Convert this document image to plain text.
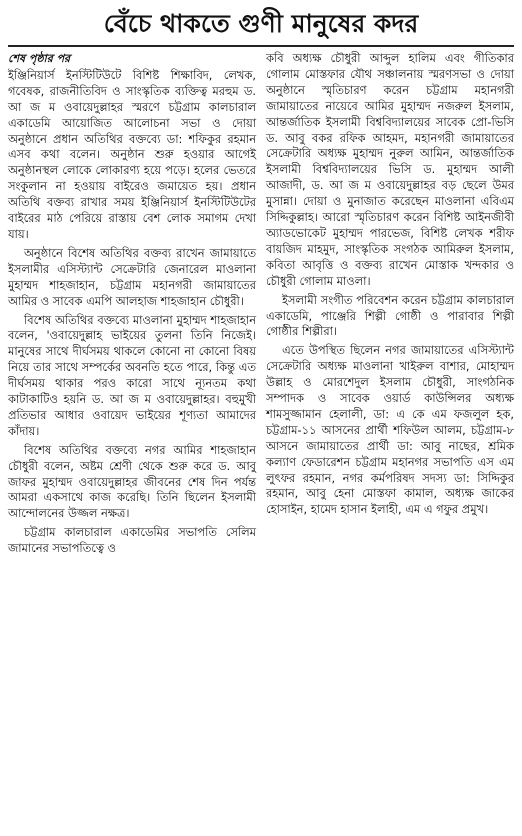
বেঁচে থাকতে গুণী মানুষের কদর
শেষ পৃষ্ঠার পর

ইঞ্জিনিয়ার্স ইনস্টিটিউটে বিশিষ্ট শিক্ষাবিদ, লেখক, গবেষক, রাজনীতিবিদ ও সাংস্কৃতিক ব্যক্তিত্ব মরহুম ড. আ জ ম ওবায়েদুল্লাহর স্মরণে চট্টগ্রাম কালচারাল একাডেমি আয়োজিত আলোচনা সভা ও দোয়া অনুষ্ঠানে প্রধান অতিথির বক্তব্যে ডা: শফিকুর রহমান এসব কথা বলেন। অনুষ্ঠান শুরু হওয়ার আগেই অনুষ্ঠানস্থল লোকে লোকারণ্য হয়ে পড়ে। হলের ভেতরে সংকুলান না হওয়ায় বাইরেও জমায়েত হয়। প্রধান অতিথি বক্তব্য রাখার সময় ইঞ্জিনিয়ার্স ইনস্টিটিউটের বাইরের মাঠ পেরিয়ে রাস্তায় বেশ লোক সমাগম দেখা যায়।

অনুষ্ঠানে বিশেষ অতিথির বক্তব্য রাখেন জামায়াতে ইসলামীর এসিস্ট্যান্ট সেক্রেটারি জেনারেল মাওলানা মুহাম্মদ শাহজাহান, চট্টগ্রাম মহানগরী জামায়াতের আমির ও সাবেক এমপি আলহাজ শাহজাহান চৌধুরী।

বিশেষ অতিথির বক্তব্যে মাওলানা মুহাম্মদ শাহজাহান বলেন, 'ওবায়েদুল্লাহ ভাইয়ের তুলনা তিনি নিজেই। মানুষের সাথে দীর্ঘসময় থাকলে কোনো না কোনো বিষয় নিয়ে তার সাথে সম্পর্কের অবনতি হতে পারে, কিন্তু এত দীর্ঘসময় থাকার পরও কারো সাথে ন্যূনতম কথা কাটাকাটিও হয়নি ড. আ জ ম ওবায়েদুল্লাহর। বহুমুখী প্রতিভার আধার ওবায়েদ ভাইয়ের শূণ্যতা আমাদের কাঁদায়।

বিশেষ অতিথির বক্তব্যে নগর আমির শাহজাহান চৌধুরী বলেন, অষ্টম শ্রেণী থেকে শুরু করে ড. আবু জাফর মুহাম্মদ ওবায়েদুল্লাহর জীবনের শেষ দিন পর্যন্ত আমরা একসাথে কাজ করেছি। তিনি ছিলেন ইসলামী আন্দোলনের উজ্জল নক্ষত্র।

চট্টগ্রাম কালচারাল একাডেমির সভাপতি সেলিম জামানের সভাপতিত্বে ও

কবি অধ্যক্ষ চৌধুরী আব্দুল হালিম এবং গীতিকার গোলাম মোস্তফার যৌথ সঞ্চালনায় স্মরণসভা ও দোয়া অনুষ্ঠানে স্মৃতিচারণ করেন চট্টগ্রাম মহানগরী জামায়াতের নায়েবে আমির মুহাম্মদ নজরুল ইসলাম, আন্তর্জাতিক ইসলামী বিশ্ববিদ্যালয়ের সাবেক প্রো-ভিসি ড. আবু বকর রফিক আহমদ, মহানগরী জামায়াতের সেক্রেটারি অধ্যক্ষ মুহাম্মদ নুরুল আমিন, আন্তর্জাতিক ইসলামী বিশ্ববিদ্যালয়ের ভিসি ড. মুহাম্মদ আলী আজাদী, ড. আ জ ম ওবায়েদুল্লাহর বড় ছেলে উমর মুসান্না। দোয়া ও মুনাজাত করেছেন মাওলানা এবিএম সিদ্দিকুল্লাহ। আরো স্মৃতিচারণ করেন বিশিষ্ট আইনজীবী অ্যাডভোকেট মুহাম্মদ পারভেজ, বিশিষ্ট লেখক শরীফ বায়জিদ মাহমুদ, সাংস্কৃতিক সংগঠক আমিরুল ইসলাম, কবিতা আবৃত্তি ও বক্তব্য রাখেন মোস্তাক খন্দকার ও চৌধুরী গোলাম মাওলা।

ইসলামী সংগীত পরিবেশন করেন চট্টগ্রাম কালচারাল একাডেমি, পাঞ্জেরি শিল্পী গোষ্ঠী ও পারাবার শিল্পী গোষ্ঠীর শিল্পীরা।

এতে উপস্থিত ছিলেন নগর জামায়াতের এসিস্ট্যান্ট সেক্রেটারি অধ্যক্ষ মাওলানা খাইরুল বাশার, মোহাম্মদ উল্লাহ ও মোরশেদুল ইসলাম চৌধুরী, সাংগঠনিক সম্পাদক ও সাবেক ওয়ার্ড কাউন্সিলর অধ্যক্ষ শামসুজ্জামান হেলালী, ডা: এ কে এম ফজলুল হক, চট্টগ্রাম-১১ আসনের প্রার্থী শফিউল আলম, চট্টগ্রাম-৮ আসনে জামায়াতের প্রার্থী ডা: আবু নাছের, শ্রমিক কল্যাণ ফেডারেশন চট্টগ্রাম মহানগর সভাপতি এস এম লুৎফর রহমান, নগর কর্মপরিষদ সদস্য ডা: সিদ্দিকুর রহমান, আবু হেনা মোস্তফা কামাল, অধ্যক্ষ জাকের হোসাইন, হামেদ হাসান ইলাহী, এম এ গফুর প্রমুখ।
